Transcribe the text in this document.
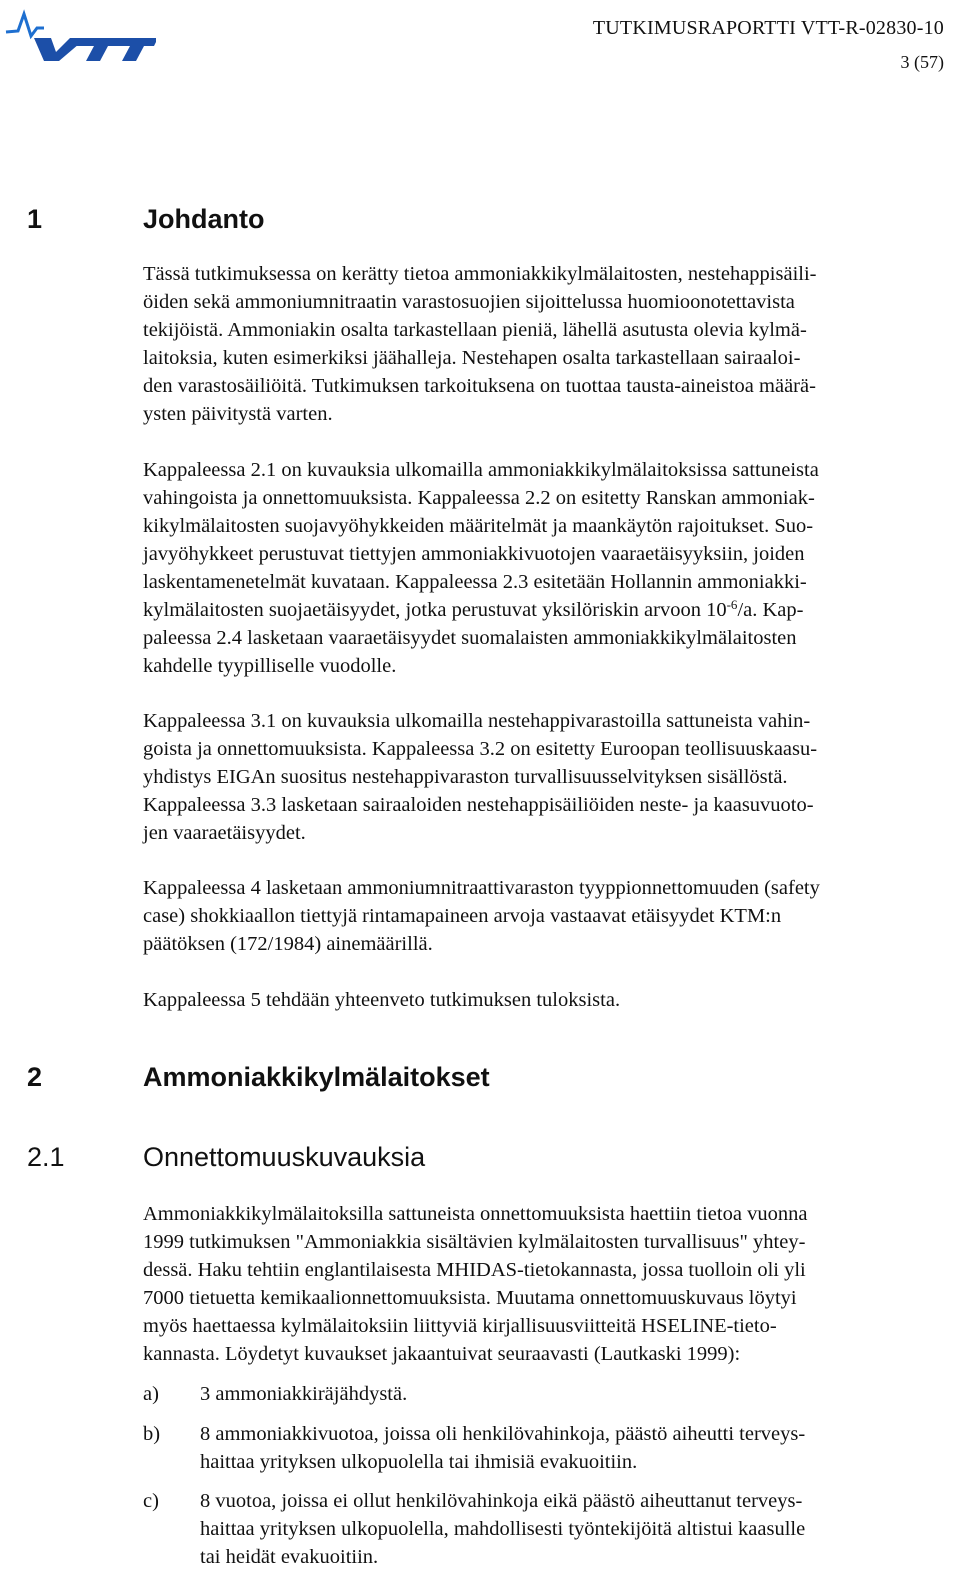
TUTKIMUSRAPORTTI VTT-R-02830-10
3 (57)
1	Johdanto

Tässä tutkimuksessa on kerätty tietoa ammoniakkikylmälaitosten, nestehappisäili-
öiden sekä ammoniumnitraatin varastosuojien sijoittelussa huomioonotettavista
tekijöistä. Ammoniakin osalta tarkastellaan pieniä, lähellä asutusta olevia kylmä-
laitoksia, kuten esimerkiksi jäähalleja. Nestehapen osalta tarkastellaan sairaaloi-
den varastosäiliöitä. Tutkimuksen tarkoituksena on tuottaa tausta-aineistoa määrä-
ysten päivitystä varten.

Kappaleessa 2.1 on kuvauksia ulkomailla ammoniakkikylmälaitoksissa sattuneista
vahingoista ja onnettomuuksista. Kappaleessa 2.2 on esitetty Ranskan ammoniak-
kikylmälaitosten suojavyöhykkeiden määritelmät ja maankäytön rajoitukset. Suo-
javyöhykkeet perustuvat tiettyjen ammoniakkivuotojen vaaraetäisyyksiin, joiden
laskentamenetelmät kuvataan. Kappaleessa 2.3 esitetään Hollannin ammoniakki-
kylmälaitosten suojaetäisyydet, jotka perustuvat yksilöriskin arvoon $10^{-6}/a$. Kap-
paleessa 2.4 lasketaan vaaraetäisyydet suomalaisten ammoniakkikylmälaitosten
kahdelle tyypilliselle vuodolle.

Kappaleessa 3.1 on kuvauksia ulkomailla nestehappivarastoilla sattuneista vahin-
goista ja onnettomuuksista. Kappaleessa 3.2 on esitetty Euroopan teollisuuskaasu-
yhdistys EIGAn suositus nestehappivaraston turvallisuusselvityksen sisällöstä.
Kappaleessa 3.3 lasketaan sairaaloiden nestehappisäiliöiden neste- ja kaasuvuoto-
jen vaaraetäisyydet.

Kappaleessa 4 lasketaan ammoniumnitraattivaraston tyyppionnettomuuden (safety
case) shokkiaallon tiettyjä rintamapaineen arvoja vastaavat etäisyydet KTM:n
päätöksen (172/1984) ainemäärillä.

Kappaleessa 5 tehdään yhteenveto tutkimuksen tuloksista.

2	Ammoniakkikylmälaitokset
2.1	Onnettomuuskuvauksia

Ammoniakkikylmälaitoksilla sattuneista onnettomuuksista haettiin tietoa vuonna
1999 tutkimuksen "Ammoniakkia sisältävien kylmälaitosten turvallisuus" yhtey-
dessä. Haku tehtiin englantilaisesta MHIDAS-tietokannasta, jossa tuolloin oli yli
7000 tietuetta kemikaalionnettomuuksista. Muutama onnettomuuskuvaus löytyi
myös haettaessa kylmälaitoksiin liittyviä kirjallisuusviitteitä HSELINE-tieto-
kannasta. Löydetyt kuvaukset jakaantuivat seuraavasti (Lautkaski 1999):

a) 3 ammoniakkiräjähdystä.
b) 8 ammoniakkivuotoa, joissa oli henkilövahinkoja, päästö aiheutti terveys-
haittaa yrityksen ulkopuolella tai ihmisiä evakuoitiin.
c) 8 vuotoa, joissa ei ollut henkilövahinkoja eikä päästö aiheuttanut terveys-
haittaa yrityksen ulkopuolella, mahdollisesti työntekijöitä altistui kaasulle
tai heidät evakuoitiin.
